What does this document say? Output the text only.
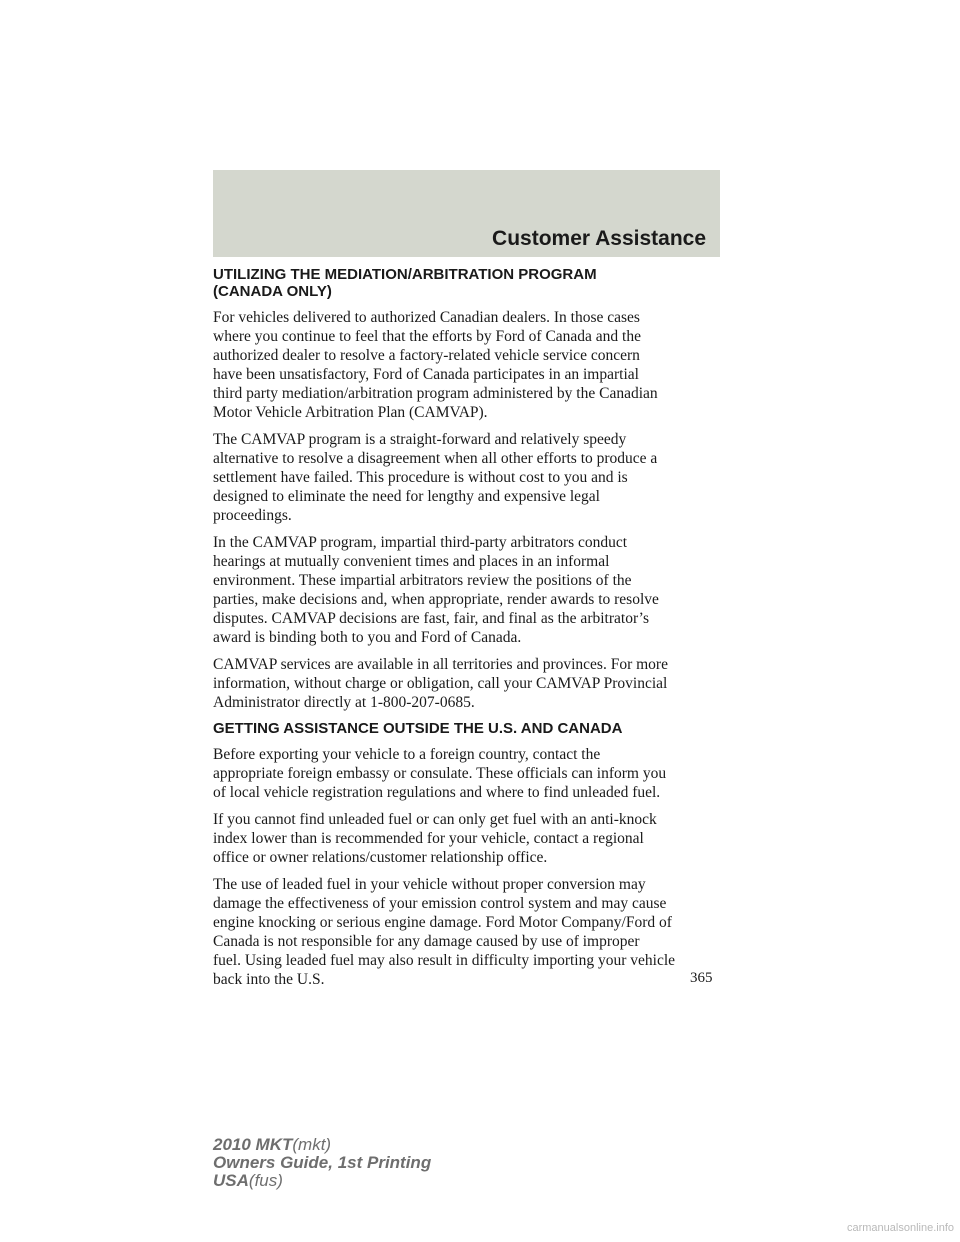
Customer Assistance
UTILIZING THE MEDIATION/ARBITRATION PROGRAM
(CANADA ONLY)
For vehicles delivered to authorized Canadian dealers. In those cases
where you continue to feel that the efforts by Ford of Canada and the
authorized dealer to resolve a factory-related vehicle service concern
have been unsatisfactory, Ford of Canada participates in an impartial
third party mediation/arbitration program administered by the Canadian
Motor Vehicle Arbitration Plan (CAMVAP).
The CAMVAP program is a straight-forward and relatively speedy
alternative to resolve a disagreement when all other efforts to produce a
settlement have failed. This procedure is without cost to you and is
designed to eliminate the need for lengthy and expensive legal
proceedings.
In the CAMVAP program, impartial third-party arbitrators conduct
hearings at mutually convenient times and places in an informal
environment. These impartial arbitrators review the positions of the
parties, make decisions and, when appropriate, render awards to resolve
disputes. CAMVAP decisions are fast, fair, and final as the arbitrator’s
award is binding both to you and Ford of Canada.
CAMVAP services are available in all territories and provinces. For more
information, without charge or obligation, call your CAMVAP Provincial
Administrator directly at 1-800-207-0685.
GETTING ASSISTANCE OUTSIDE THE U.S. AND CANADA
Before exporting your vehicle to a foreign country, contact the
appropriate foreign embassy or consulate. These officials can inform you
of local vehicle registration regulations and where to find unleaded fuel.
If you cannot find unleaded fuel or can only get fuel with an anti-knock
index lower than is recommended for your vehicle, contact a regional
office or owner relations/customer relationship office.
The use of leaded fuel in your vehicle without proper conversion may
damage the effectiveness of your emission control system and may cause
engine knocking or serious engine damage. Ford Motor Company/Ford of
Canada is not responsible for any damage caused by use of improper
fuel. Using leaded fuel may also result in difficulty importing your vehicle
back into the U.S.	365
2010 MKT(mkt)
Owners Guide, 1st Printing
USA(fus)
carmanualsonline.info
